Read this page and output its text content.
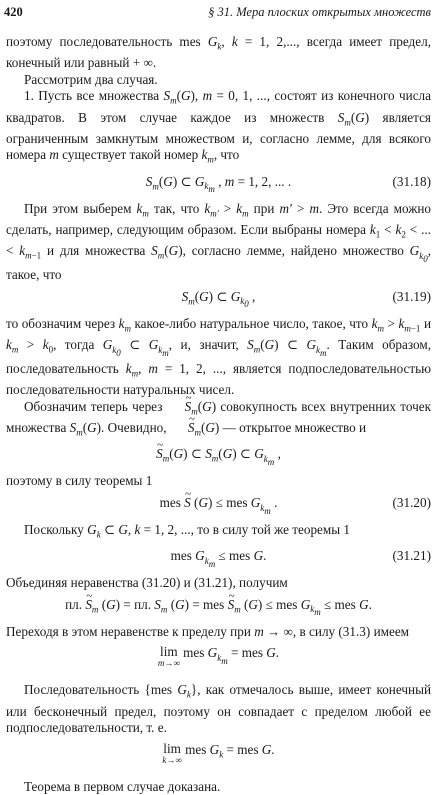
420	§ 31. Мера плоских открытых множеств

поэтому последовательность mes $G_k$, k = 1, 2,..., всегда имеет предел, конечный или равный + ∞.

Рассмотрим два случая.

1. Пусть все множества $S_m(G)$, m = 0, 1, ..., состоят из конечного числа квадратов. В этом случае каждое из множеств $S_m(G)$ является ограниченным замкнутым множеством и, согласно лемме, для всякого номера m существует такой номер $k_m$, что

$S_m(G)$ ⊂ $G_{k_m}$ , m = 1, 2, ... .	(31.18)

При этом выберем $k_m$ так, что $k_{m'} > k_m$ при m′ > m. Это всегда можно сделать, например, следующим образом. Если выбраны номера $k_1 < k_2$ < ... < $k_{m-1}$ и для множества $S_m(G)$, согласно лемме, найдено множество $G_{k_0}$, такое, что

$S_m(G)$ ⊂ $G_{k_0}$ ,	(31.19)

то обозначим через $k_m$ какое-либо натуральное число, такое, что $k_m > k_{m-1}$ и $k_m > k_0$, тогда $G_{k_0}$ ⊂ $G_{k_m}$, и, значит, $S_m(G)$ ⊂ $G_{k_m}$. Таким образом, последовательность $k_m$, m = 1, 2, ..., является подпоследовательностью последовательности натуральных чисел.

Обозначим теперь через ~ $S_m(G)$ совокупность всех внутренних точек множества $S_m(G)$. Очевидно, ~ $S_m(G)$ — открытое множество и

~ $S_m(G)$ ⊂ $S_m(G)$ ⊂ $G_{k_m}$ ,

поэтому в силу теоремы 1

mes ~ S (G) ≤ mes $G_{k_m}$ .	(31.20)

Поскольку $G_k$ ⊂ G, k = 1, 2, ..., то в силу той же теоремы 1

mes $G_{k_m}$ ≤ mes G.	(31.21)

Объединяя неравенства (31.20) и (31.21), получим

пл. ~ $S_m$ (G) = пл. $S_m$ (G) = mes ~ $S_m$ (G) ≤ mes $G_{k_m}$ ≤ mes G.

Переходя в этом неравенстве к пределу при m → ∞, в силу (31.3) имеем

lim
m→∞
mes $G_{k_m}$ = mes G.

Последовательность {mes $G_k$}, как отмечалось выше, имеет конечный или бесконечный предел, поэтому он совпадает с пределом любой ее подпоследовательности, т. е.

lim
k→∞
mes $G_k$ = mes G.

Теорема в первом случае доказана.
